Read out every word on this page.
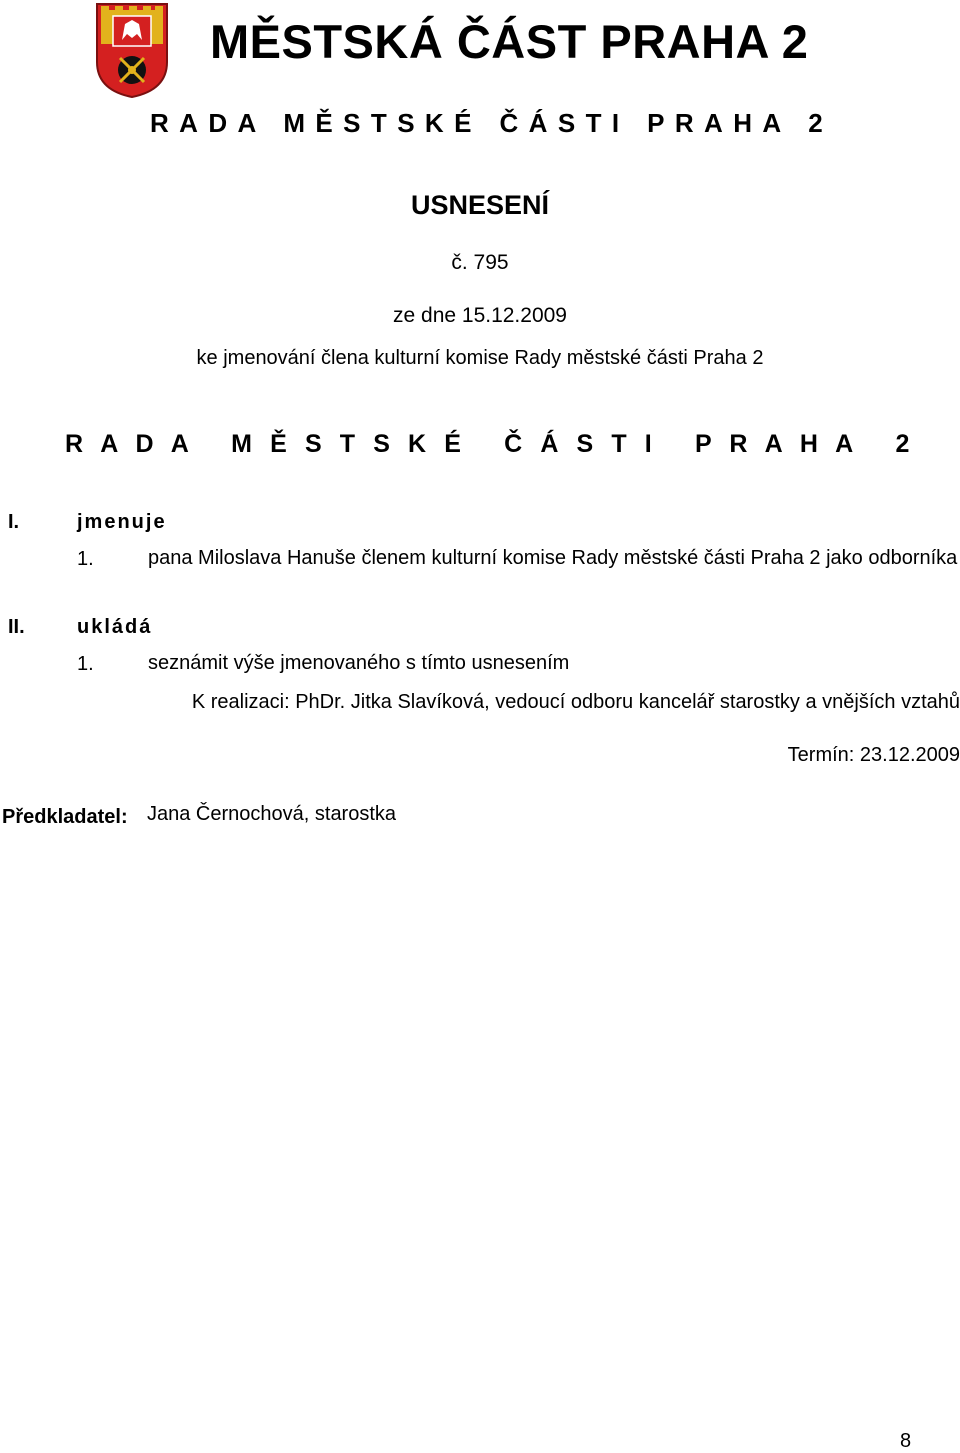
MĚSTSKÁ ČÁST PRAHA 2
RADA MĚSTSKÉ ČÁSTI PRAHA 2
USNESENÍ
č. 795
ze dne 15.12.2009
ke jmenování člena kulturní komise Rady městské části Praha 2
R A D A   M Ě S T S K É   Č Á S T I   P R A H A   2
I.	jmenuje
1.	pana Miloslava Hanuše členem kulturní komise Rady městské části Praha 2 jako odborníka
II.	ukládá
1.	seznámit výše jmenovaného s tímto usnesením
K realizaci: PhDr. Jitka Slavíková, vedoucí odboru kancelář starostky a vnějších vztahů
Termín: 23.12.2009
Předkladatel: Jana Černochová, starostka
8
